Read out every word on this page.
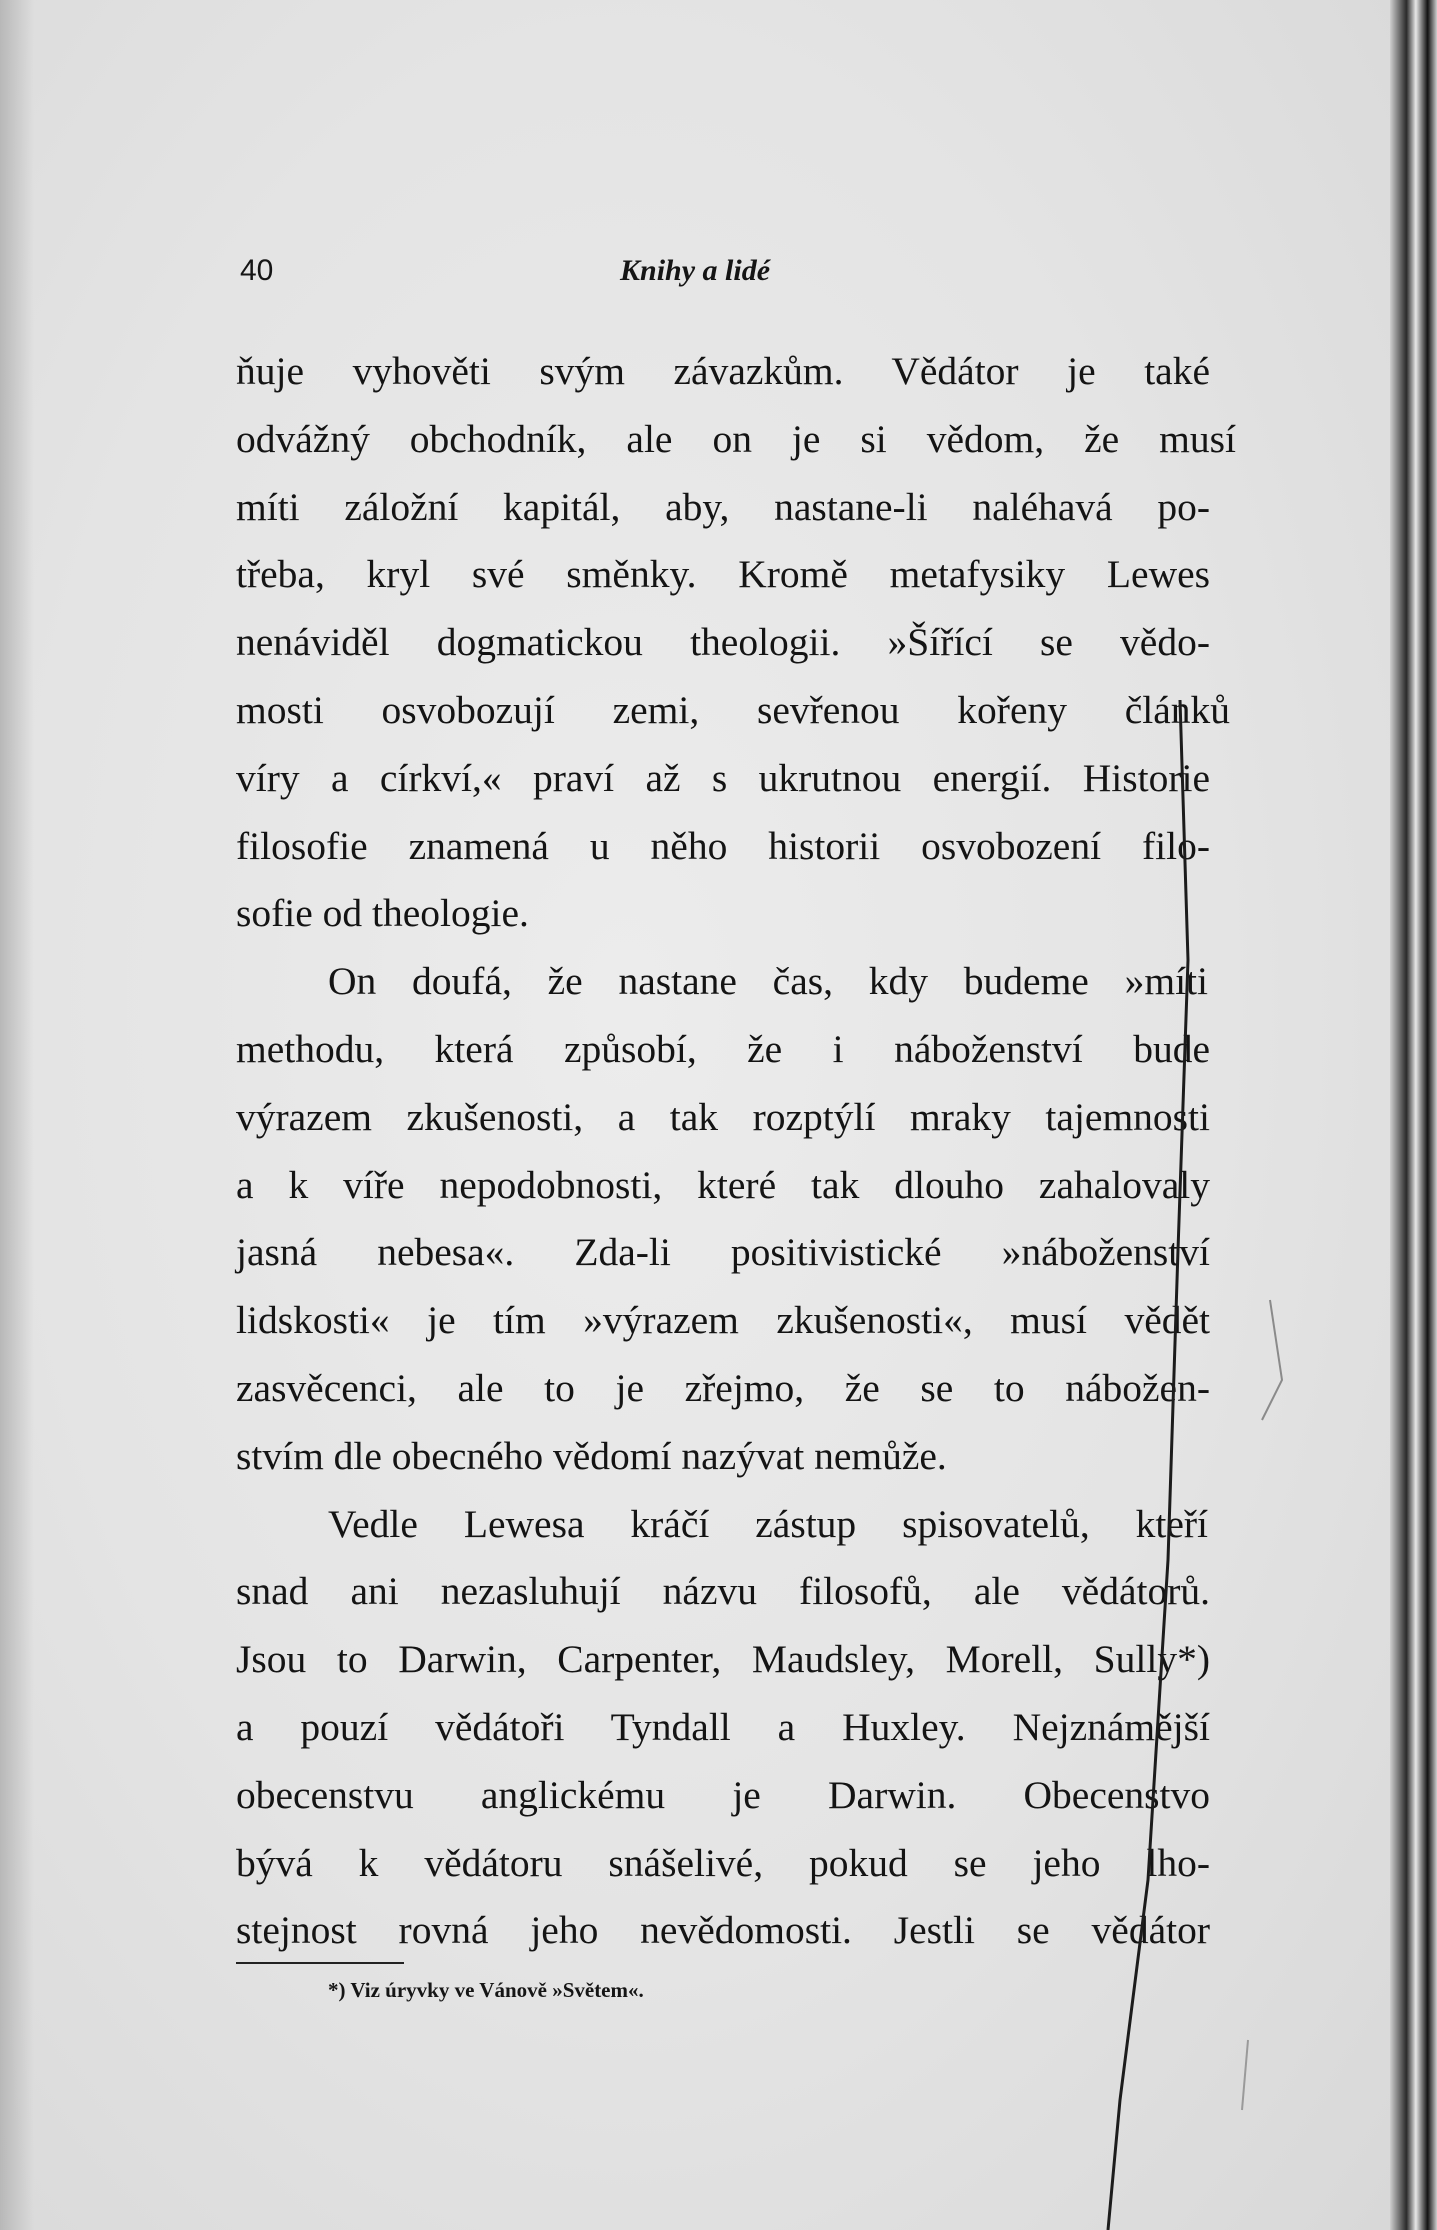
40	Knihy a lidé
ňuje vyhověti svým závazkům. Vědátor je také
odvážný obchodník, ale on je si vědom, že musí
míti záložní kapitál, aby, nastane-li naléhavá po-
třeba, kryl své směnky. Kromě metafysiky Lewes
nenáviděl dogmatickou theologii. »Šířící se vědo-
mosti osvobozují zemi, sevřenou kořeny článků
víry a církví,« praví až s ukrutnou energií. Historie
filosofie znamená u něho historii osvobození filo-
sofie od theologie.
On doufá, že nastane čas, kdy budeme »míti
methodu, která způsobí, že i náboženství bude
výrazem zkušenosti, a tak rozptýlí mraky tajemnosti
a k víře nepodobnosti, které tak dlouho zahalovaly
jasná nebesa«. Zda-li positivistické »náboženství
lidskosti« je tím »výrazem zkušenosti«, musí vědět
zasvěcenci, ale to je zřejmo, že se to nábožen-
stvím dle obecného vědomí nazývat nemůže.
Vedle Lewesa kráčí zástup spisovatelů, kteří
snad ani nezasluhují názvu filosofů, ale vědátorů.
Jsou to Darwin, Carpenter, Maudsley, Morell, Sully*)
a pouzí vědátoři Tyndall a Huxley. Nejznámější
obecenstvu anglickému je Darwin. Obecenstvo
bývá k vědátoru snášelivé, pokud se jeho lho-
stejnost rovná jeho nevědomosti. Jestli se vědátor
*) Viz úryvky ve Vánově »Světem«.
